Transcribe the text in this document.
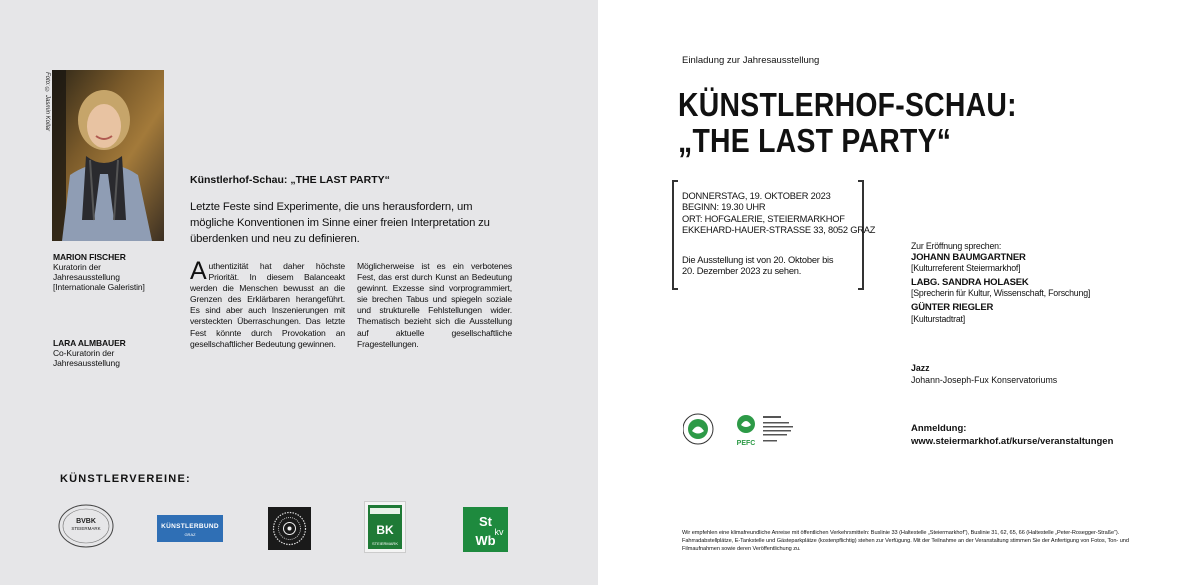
Foto: © Jasmin Kollar
MARION FISCHER
Kuratorin der
Jahresausstellung
[Internationale Galeristin]
LARA ALMBAUER
Co-Kuratorin der
Jahresausstellung
Künstlerhof-Schau: „THE LAST PARTY“
Letzte Feste sind Experimente, die uns herausfordern, um mögliche Konventionen im Sinne einer freien Interpretation zu überdenken und neu zu definieren.
Authentizität hat daher höchste Priorität. In diesem Balanceakt werden die Menschen bewusst an die Grenzen des Erklärbaren herangeführt. Es sind aber auch Inszenierungen mit versteckten Überraschungen. Das letzte Fest könnte durch Provokation an gesellschaftlicher Bedeutung gewinnen.
Möglicherweise ist es ein verbotenes Fest, das erst durch Kunst an Bedeutung gewinnt. Exzesse sind vorprogrammiert, sie brechen Tabus und spiegeln soziale und strukturelle Fehlstellungen wider. Thematisch bezieht sich die Ausstellung auf aktuelle gesellschaftliche Fragestellungen.
KÜNSTLERVEREINE:
BVBK
STEIERMARK	KÜNSTLERBUND
GRAZ	BK
STEIERMARK
St
Wb
kv
Einladung zur Jahresausstellung
KÜNSTLERHOF-SCHAU:
„THE LAST PARTY“
DONNERSTAG, 19. OKTOBER 2023
BEGINN: 19.30 UHR
ORT: HOFGALERIE, STEIERMARKHOF
EKKEHARD-HAUER-STRASSE 33, 8052 GRAZ
Die Ausstellung ist von 20. Oktober bis
20. Dezember 2023 zu sehen.
Zur Eröffnung sprechen:
JOHANN BAUMGARTNER
[Kulturreferent Steiermarkhof]
LABG. SANDRA HOLASEK
[Sprecherin für Kultur, Wissenschaft, Forschung]
GÜNTER RIEGLER
[Kulturstadtrat]
Jazz
Johann-Joseph-Fux Konservatoriums
Anmeldung:
www.steiermarkhof.at/kurse/veranstaltungen
PEFC
Wir empfehlen eine klimafreundliche Anreise mit öffentlichen Verkehrsmitteln: Buslinie 33 (Haltestelle „Steiermarkhof“), Buslinie 31, 62, 65, 66 (Haltestelle „Peter-Rosegger-Straße“). Fahrradabstellplätze, E-Tankstelle und Gästeparkplätze (kostenpflichtig) stehen zur Verfügung. Mit der Teilnahme an der Veranstaltung stimmen Sie der Anfertigung von Fotos, Ton- und Filmaufnahmen sowie deren Veröffentlichung zu.
